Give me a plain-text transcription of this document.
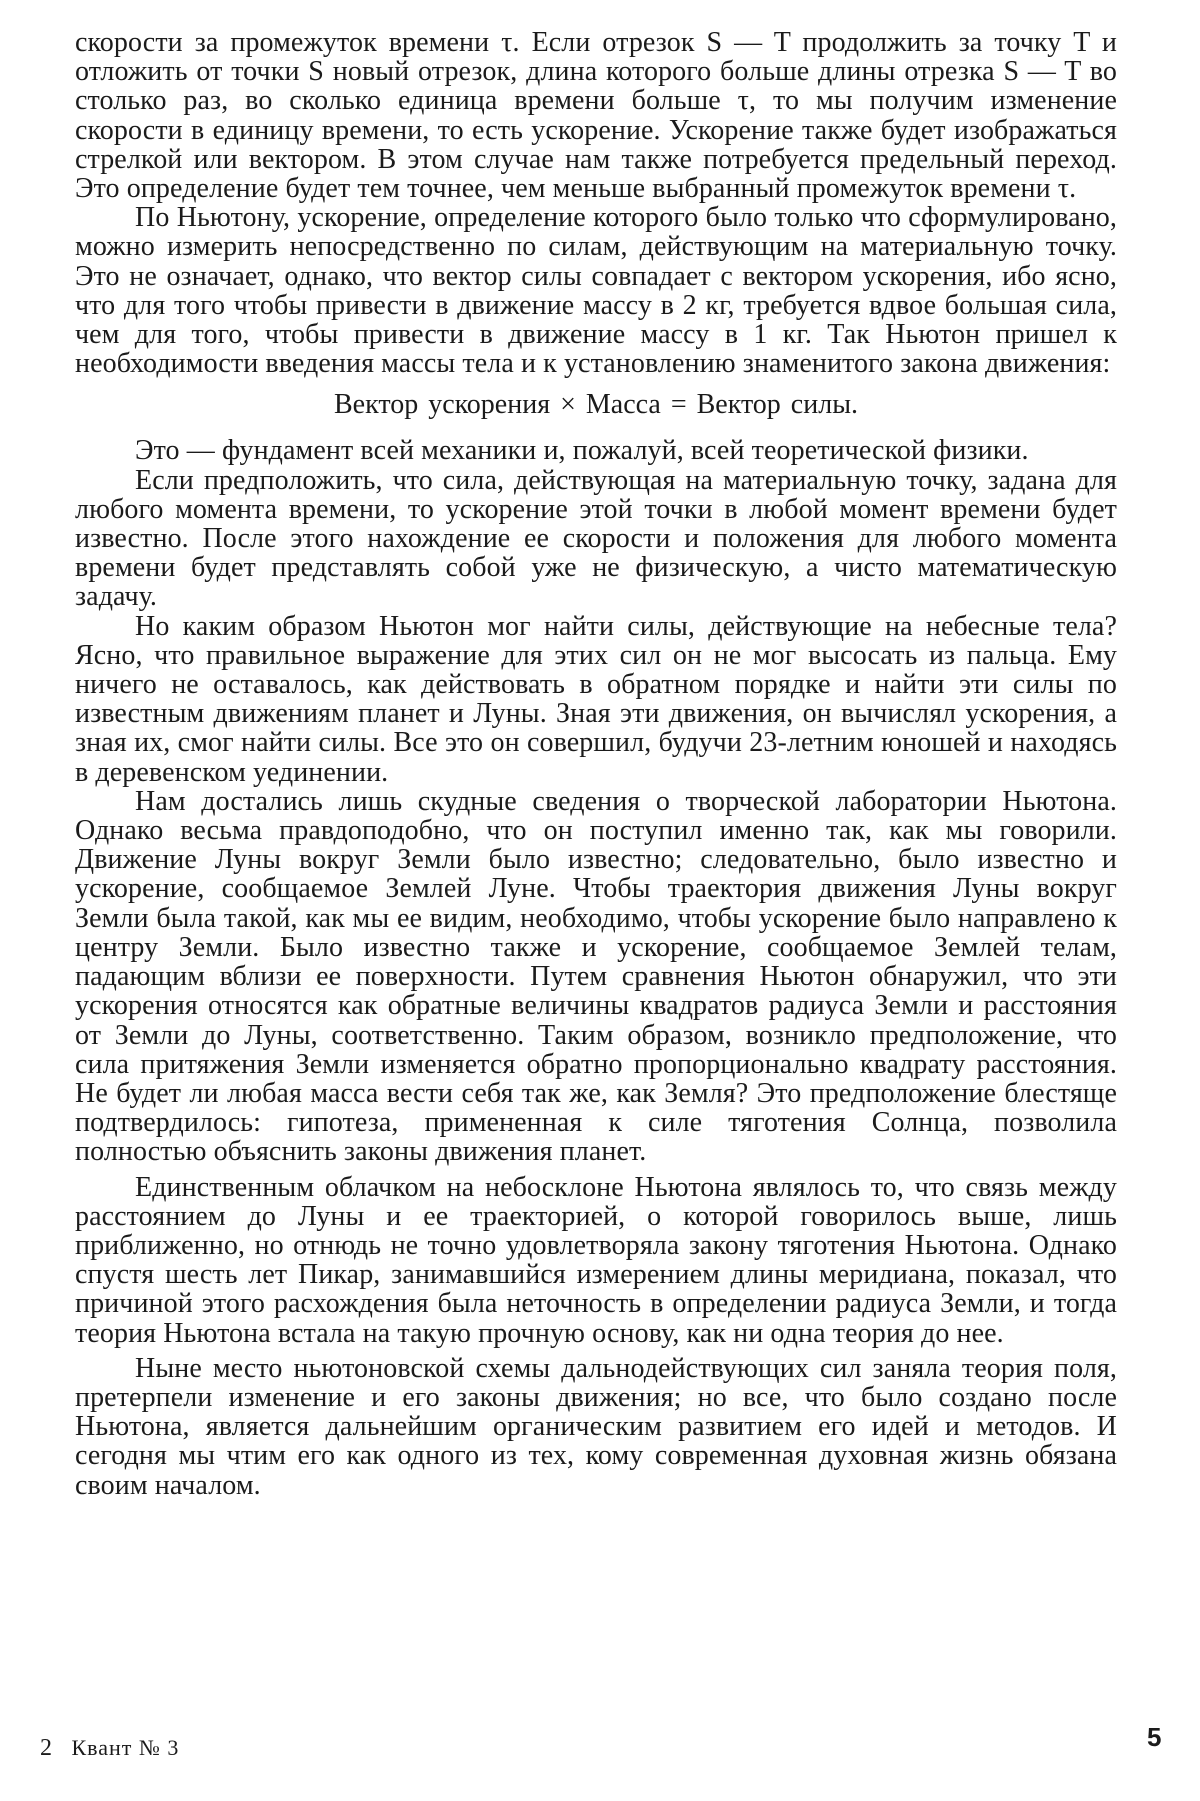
скорости за промежуток времени τ. Если отрезок S — T продолжить за точку T и отложить от точки S новый отрезок, длина которого больше длины отрезка S — T во столько раз, во сколько единица времени больше τ, то мы получим изменение скорости в единицу времени, то есть ускорение. Ускорение также будет изображаться стрелкой или вектором. В этом случае нам также потребуется предельный переход. Это определение будет тем точнее, чем меньше выбранный промежуток времени τ.

По Ньютону, ускорение, определение которого было только что сформулировано, можно измерить непосредственно по силам, действующим на материальную точку. Это не означает, однако, что вектор силы совпадает с вектором ускорения, ибо ясно, что для того чтобы привести в движение массу в 2 кг, требуется вдвое большая сила, чем для того, чтобы привести в движение массу в 1 кг. Так Ньютон пришел к необходимости введения массы тела и к установлению знаменитого закона движения:

Вектор ускорения × Масса = Вектор силы.

Это — фундамент всей механики и, пожалуй, всей теоретической физики.

Если предположить, что сила, действующая на материальную точку, задана для любого момента времени, то ускорение этой точки в любой момент времени будет известно. После этого нахождение ее скорости и положения для любого момента времени будет представлять собой уже не физическую, а чисто математическую задачу.

Но каким образом Ньютон мог найти силы, действующие на небесные тела? Ясно, что правильное выражение для этих сил он не мог высосать из пальца. Ему ничего не оставалось, как действовать в обратном порядке и найти эти силы по известным движениям планет и Луны. Зная эти движения, он вычислял ускорения, а зная их, смог найти силы. Все это он совершил, будучи 23-летним юношей и находясь в деревенском уединении.

Нам достались лишь скудные сведения о творческой лаборатории Ньютона. Однако весьма правдоподобно, что он поступил именно так, как мы говорили. Движение Луны вокруг Земли было известно; следовательно, было известно и ускорение, сообщаемое Землей Луне. Чтобы траектория движения Луны вокруг Земли была такой, как мы ее видим, необходимо, чтобы ускорение было направлено к центру Земли. Было известно также и ускорение, сообщаемое Землей телам, падающим вблизи ее поверхности. Путем сравнения Ньютон обнаружил, что эти ускорения относятся как обратные величины квадратов радиуса Земли и расстояния от Земли до Луны, соответственно. Таким образом, возникло предположение, что сила притяжения Земли изменяется обратно пропорционально квадрату расстояния. Не будет ли любая масса вести себя так же, как Земля? Это предположение блестяще подтвердилось: гипотеза, примененная к силе тяготения Солнца, позволила полностью объяснить законы движения планет.

Единственным облачком на небосклоне Ньютона являлось то, что связь между расстоянием до Луны и ее траекторией, о которой говорилось выше, лишь приближенно, но отнюдь не точно удовлетворяла закону тяготения Ньютона. Однако спустя шесть лет Пикар, занимавшийся измерением длины меридиана, показал, что причиной этого расхождения была неточность в определении радиуса Земли, и тогда теория Ньютона встала на такую прочную основу, как ни одна теория до нее.

Ныне место ньютоновской схемы дальнодействующих сил заняла теория поля, претерпели изменение и его законы движения; но все, что было создано после Ньютона, является дальнейшим органическим развитием его идей и методов. И сегодня мы чтим его как одного из тех, кому современная духовная жизнь обязана своим началом.

2 Квант № 3	5
